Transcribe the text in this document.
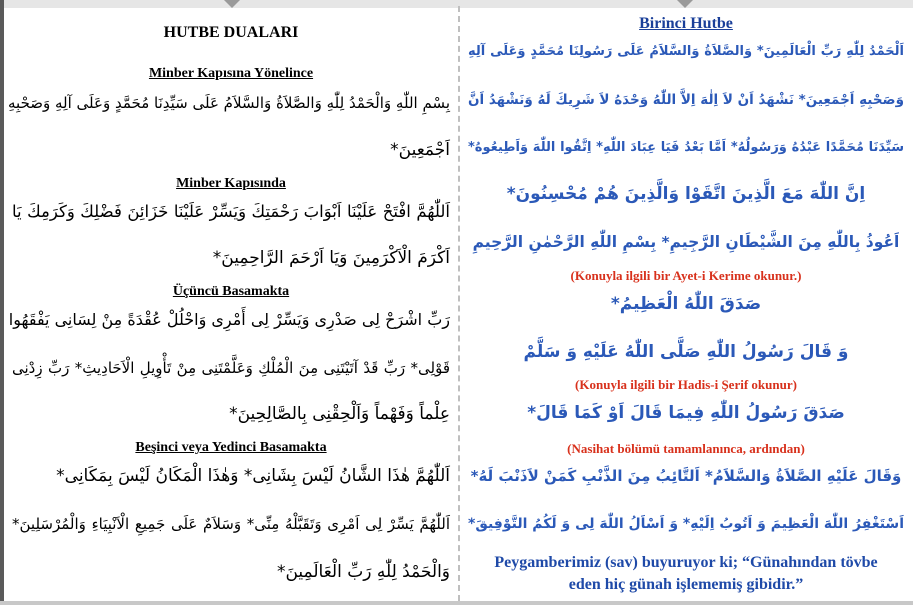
HUTBE DUALARI
Minber Kapısına Yönelince
بِسْمِ اللّٰهِ وَالْحَمْدُ لِلّٰهِ وَالصَّلاَةُ وَالسَّلاَمُ عَلَى سَيِّدِنَا مُحَمَّدٍ وَعَلَى آلِهِ وَصَحْبِهِ
اَجْمَعِينَ*
Minber Kapısında
اَللّٰهُمَّ افْتَحْ عَلَيْنَا اَبْوَابَ رَحْمَتِكَ وَيَسِّرْ عَلَيْنَا خَزَائِنَ فَضْلِكَ وَكَرَمِكَ يَا
اَكْرَمَ الْاَكْرَمِينَ وَيَا اَرْحَمَ الرَّاحِمِينَ*
Üçüncü Basamakta
رَبِّ اشْرَحْ لِى صَدْرِى وَيَسِّرْ لِى أَمْرِى وَاحْلُلْ عُقْدَةً مِنْ لِسَانِى يَفْقَهُوا
قَوْلِى* رَبِّ قَدْ آتَيْتَنِى مِنَ الْمُلْكِ وَعَلَّمْتَنِى مِنْ تَأْوِيلِ الْاَحَادِيثِ* رَبِّ زِدْنِى
عِلْماً وَفَهْماً وَاَلْحِقْنِى بِالصَّالِحِينَ*
Beşinci veya Yedinci Basamakta
اَللّٰهُمَّ هٰذَا الشَّانُ لَيْسَ بِشَانِى* وَهٰذَا الْمَكَانُ لَيْسَ بِمَكَانِى*
اَللّٰهُمَّ يَسِّرْ لِى اَمْرِى وَتَقَبَّلْهُ مِنِّى* وَسَلاَمٌ عَلَى جَمِيعِ الْاَنْبِيَاءِ وَالْمُرْسَلِينَ*
وَالْحَمْدُ لِلّٰهِ رَبِّ الْعَالَمِينَ*
Birinci Hutbe
اَلْحَمْدُ لِلّٰهِ رَبِّ الْعَالَمِينَ* وَالصَّلاَةُ وَالسَّلاَمُ عَلَى رَسُولِنَا مُحَمَّدٍ وَعَلَى آلِهِ
وَصَحْبِهِ اَجْمَعِينَ* نَشْهَدُ اَنْ لاَ اِلٰهَ اِلاَّ اللّٰهُ وَحْدَهُ لاَ شَرِيكَ لَهُ وَنَشْهَدُ اَنَّ
سَيِّدَنَا مُحَمَّدًا عَبْدُهُ وَرَسُولُهُ* اَمَّا بَعْدُ فَيَا عِبَادَ اللّٰهِ* اِتَّقُوا اللّٰهَ وَاَطِيعُوهُ*
اِنَّ اللّٰهَ مَعَ الَّذِينَ اتَّقَوْا وَالَّذِينَ هُمْ مُحْسِنُونَ*
اَعُوذُ بِاللّٰهِ مِنَ الشَّيْطَانِ الرَّجِيمِ* بِسْمِ اللّٰهِ الرَّحْمٰنِ الرَّحِيمِ
(Konuyla ilgili bir Ayet-i Kerime okunur.)
صَدَقَ اللّٰهُ الْعَظِيمُ*
وَ قَالَ رَسُولُ اللّٰهِ صَلَّى اللّٰهُ عَلَيْهِ وَ سَلَّمْ
(Konuyla ilgili bir Hadis-i Şerif okunur)
صَدَقَ رَسُولُ اللّٰهِ فِيمَا قَالَ اَوْ كَمَا قَالَ*
(Nasihat bölümü tamamlanınca, ardından)
وَقَالَ عَلَيْهِ الصَّلاَةُ وَالسَّلاَمُ* اَلتَّائِبُ مِنَ الذَّنْبِ كَمَنْ لاَذَنْبَ لَهُ*
اَسْتَغْفِرُ اللّٰهَ الْعَظِيمَ وَ اَتُوبُ اِلَيْهِ* وَ اَسْاَلُ اللّٰهَ لِى وَ لَكُمُ التَّوْفِيقَ*
Peygamberimiz (sav) buyuruyor ki; “Günahından tövbe
eden hiç günah işlememiş gibidir.”
